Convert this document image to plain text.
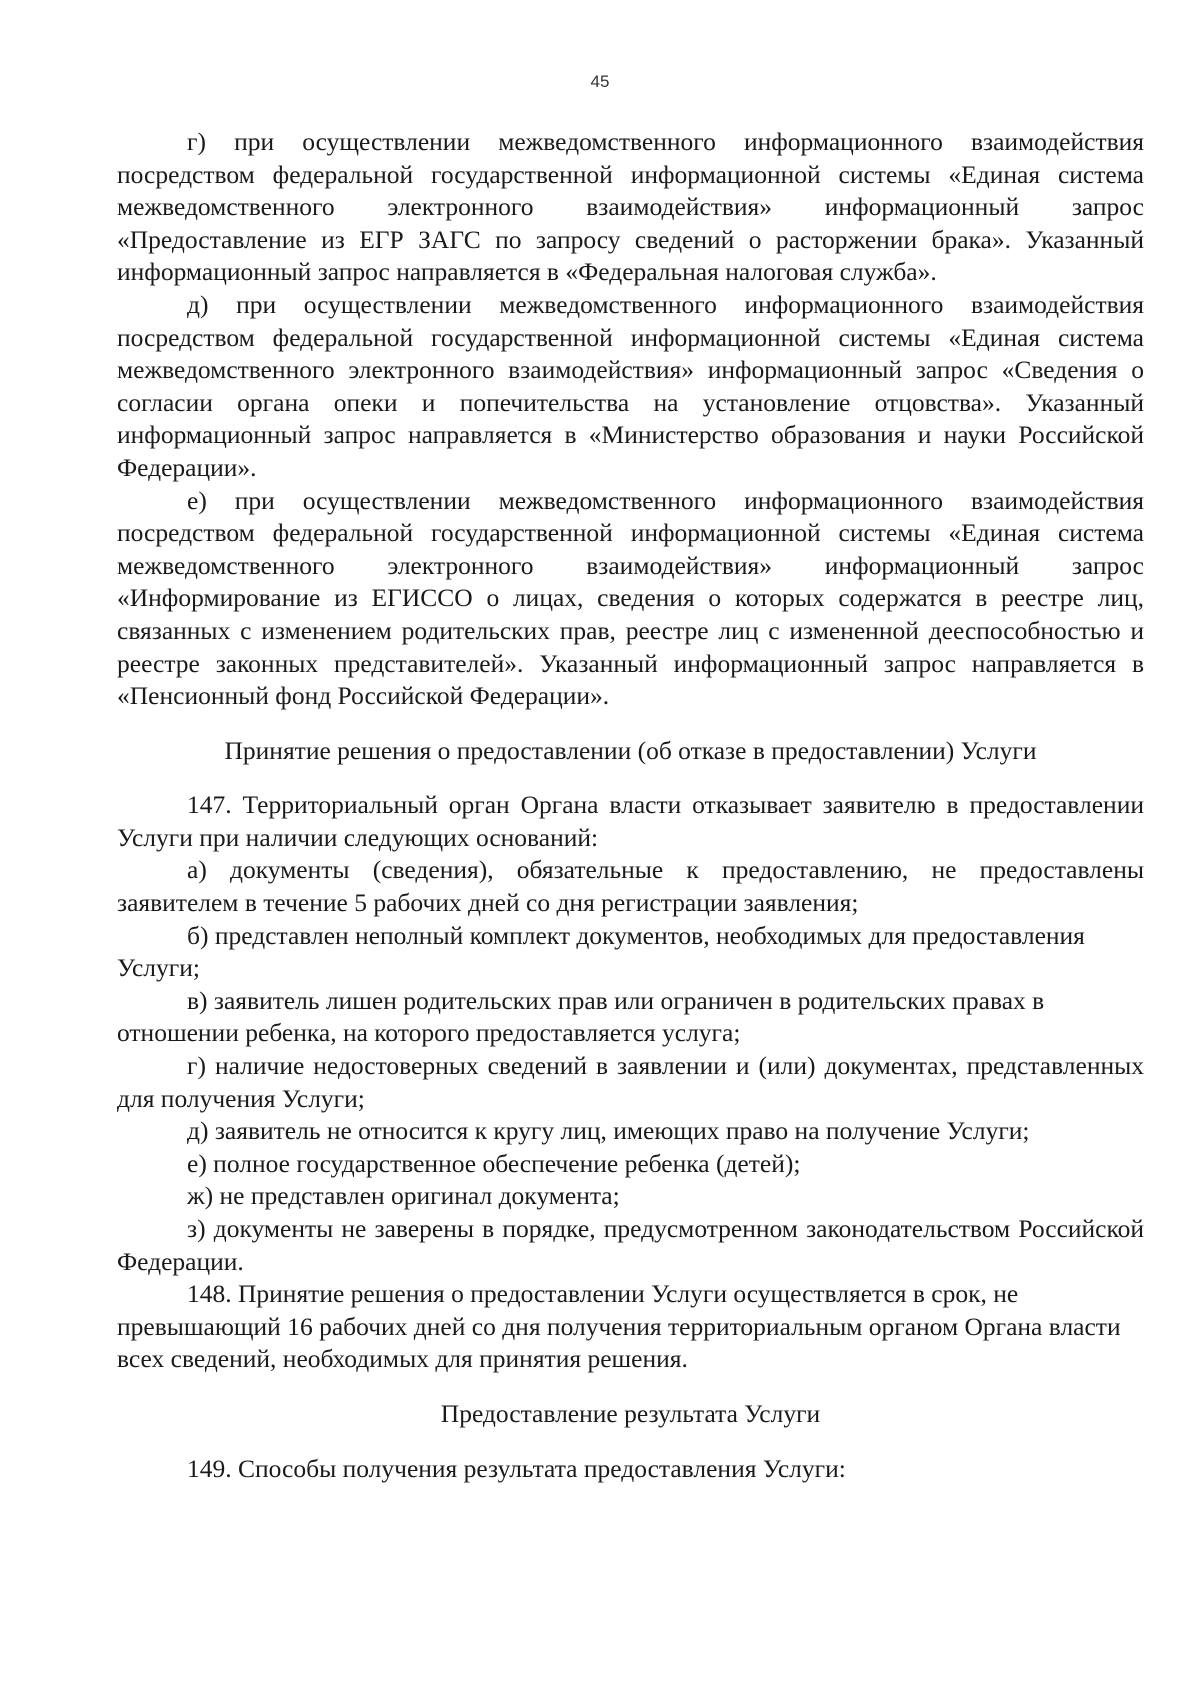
45

г) при осуществлении межведомственного информационного взаимодействия посредством федеральной государственной информационной системы «Единая система межведомственного электронного взаимодействия» информационный запрос «Предоставление из ЕГР ЗАГС по запросу сведений о расторжении брака». Указанный информационный запрос направляется в «Федеральная налоговая служба».

д) при осуществлении межведомственного информационного взаимодействия посредством федеральной государственной информационной системы «Единая система межведомственного электронного взаимодействия» информационный запрос «Сведения о согласии органа опеки и попечительства на установление отцовства». Указанный информационный запрос направляется в «Министерство образования и науки Российской Федерации».

е) при осуществлении межведомственного информационного взаимодействия посредством федеральной государственной информационной системы «Единая система межведомственного электронного взаимодействия» информационный запрос «Информирование из ЕГИССО о лицах, сведения о которых содержатся в реестре лиц, связанных с изменением родительских прав, реестре лиц с измененной дееспособностью и реестре законных представителей». Указанный информационный запрос направляется в «Пенсионный фонд Российской Федерации».

Принятие решения о предоставлении (об отказе в предоставлении) Услуги

147. Территориальный орган Органа власти отказывает заявителю в предоставлении Услуги при наличии следующих оснований:

а) документы (сведения), обязательные к предоставлению, не предоставлены заявителем в течение 5 рабочих дней со дня регистрации заявления;

б) представлен неполный комплект документов, необходимых для предоставления Услуги;

в) заявитель лишен родительских прав или ограничен в родительских правах в отношении ребенка, на которого предоставляется услуга;

г) наличие недостоверных сведений в заявлении и (или) документах, представленных для получения Услуги;

д) заявитель не относится к кругу лиц, имеющих право на получение Услуги;

е) полное государственное обеспечение ребенка (детей);

ж) не представлен оригинал документа;

з) документы не заверены в порядке, предусмотренном законодательством Российской Федерации.

148. Принятие решения о предоставлении Услуги осуществляется в срок, не превышающий 16 рабочих дней со дня получения территориальным органом Органа власти всех сведений, необходимых для принятия решения.

Предоставление результата Услуги

149. Способы получения результата предоставления Услуги:
